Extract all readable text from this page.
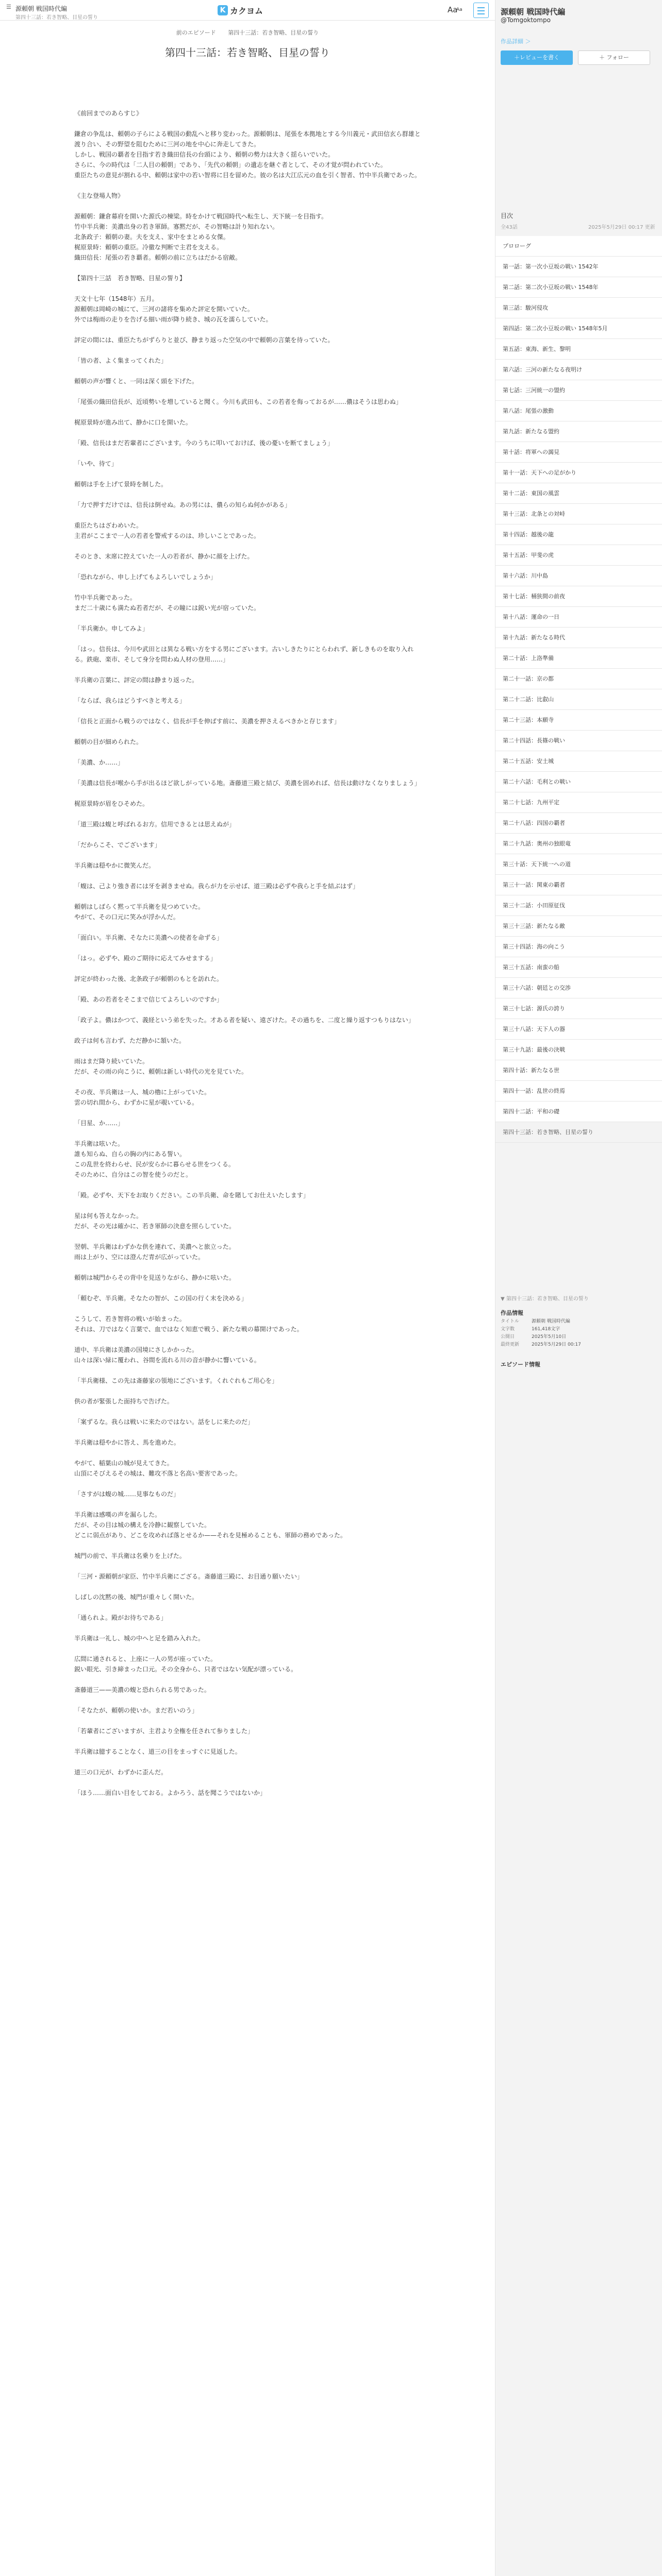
☰ 源頼朝 戦国時代編
第四十三話：若き智略、目星の誓り
K カクヨム	Aa
Aa
前のエピソード 第四十三話：若き智略、目星の誓り
第四十三話：若き智略、目星の誓り

《前回までのあらすじ》

鎌倉の争乱は、頼朝の子らによる戦国の動乱へと移り変わった。源頼朝は、尾張を本拠地とする今川義元・武田信玄ら群雄と渡り合い、その野望を阻むために三河の地を中心に奔走してきた。

しかし、戦国の覇者を目指す若き織田信長の台頭により、頼朝の勢力は大きく揺らいでいた。

さらに、今の時代は「二人目の頼朝」であり、「先代の頼朝」の遺志を継ぐ者として、その才覚が問われていた。

重臣たちの意見が割れる中、頼朝は家中の若い智将に目を留めた。彼の名は大江広元の血を引く智者、竹中半兵衛であった。

《主な登場人物》

源頼朝：鎌倉幕府を開いた源氏の棟梁。時をかけて戦国時代へ転生し、天下統一を目指す。

竹中半兵衛：美濃出身の若き軍師。寡黙だが、その智略は計り知れない。

北条政子：頼朝の妻。夫を支え、家中をまとめる女傑。

梶原景時：頼朝の重臣。冷徹な判断で主君を支える。

織田信長：尾張の若き覇者。頼朝の前に立ちはだかる宿敵。

【第四十三話　若き智略、目星の誓り】

天文十七年（1548年）五月。

源頼朝は岡崎の城にて、三河の諸将を集めた評定を開いていた。

外では梅雨の走りを告げる細い雨が降り続き、城の瓦を濡らしていた。

評定の間には、重臣たちがずらりと並び、静まり返った空気の中で頼朝の言葉を待っていた。

「皆の者、よく集まってくれた」

頼朝の声が響くと、一同は深く頭を下げた。

「尾張の織田信長が、近頃勢いを増していると聞く。今川も武田も、この若者を侮っておるが……儂はそうは思わぬ」

梶原景時が進み出て、静かに口を開いた。

「殿、信長はまだ若輩者にございます。今のうちに叩いておけば、後の憂いを断てましょう」

「いや、待て」

頼朝は手を上げて景時を制した。

「力で押すだけでは、信長は倒せぬ。あの男には、儂らの知らぬ何かがある」

重臣たちはざわめいた。

主君がここまで一人の若者を警戒するのは、珍しいことであった。

そのとき、末席に控えていた一人の若者が、静かに顔を上げた。

「恐れながら、申し上げてもよろしいでしょうか」

竹中半兵衛であった。

まだ二十歳にも満たぬ若者だが、その瞳には鋭い光が宿っていた。

「半兵衛か。申してみよ」

「はっ。信長は、今川や武田とは異なる戦い方をする男にございます。古いしきたりにとらわれず、新しきものを取り入れる。鉄砲、楽市、そして身分を問わぬ人材の登用……」

半兵衛の言葉に、評定の間は静まり返った。

「ならば、我らはどうすべきと考える」

「信長と正面から戦うのではなく、信長が手を伸ばす前に、美濃を押さえるべきかと存じます」

頼朝の目が細められた。

「美濃、か……」

「美濃は信長が喉から手が出るほど欲しがっている地。斎藤道三殿と結び、美濃を固めれば、信長は動けなくなりましょう」

梶原景時が眉をひそめた。

「道三殿は蝮と呼ばれるお方。信用できるとは思えぬが」

「だからこそ、でございます」

半兵衛は穏やかに微笑んだ。

「蝮は、己より強き者には牙を剥きませぬ。我らが力を示せば、道三殿は必ずや我らと手を結ぶはず」

頼朝はしばらく黙って半兵衛を見つめていた。

やがて、その口元に笑みが浮かんだ。

「面白い。半兵衛、そなたに美濃への使者を命ずる」

「はっ。必ずや、殿のご期待に応えてみせまする」

評定が終わった後、北条政子が頼朝のもとを訪れた。

「殿、あの若者をそこまで信じてよろしいのですか」

「政子よ。儂はかつて、義経という弟を失った。才ある者を疑い、遠ざけた。その過ちを、二度と繰り返すつもりはない」

政子は何も言わず、ただ静かに頷いた。

雨はまだ降り続いていた。

だが、その雨の向こうに、頼朝は新しい時代の光を見ていた。

その夜、半兵衛は一人、城の櫓に上がっていた。

雲の切れ間から、わずかに星が覗いている。

「目星、か……」

半兵衛は呟いた。

誰も知らぬ、自らの胸の内にある誓い。

この乱世を終わらせ、民が安らかに暮らせる世をつくる。

そのために、自分はこの智を使うのだと。

「殿。必ずや、天下をお取りください。この半兵衛、命を賭してお仕えいたします」

星は何も答えなかった。

だが、その光は確かに、若き軍師の決意を照らしていた。

翌朝、半兵衛はわずかな供を連れて、美濃へと旅立った。

雨は上がり、空には澄んだ青が広がっていた。

頼朝は城門からその背中を見送りながら、静かに呟いた。

「頼むぞ、半兵衛。そなたの智が、この国の行く末を決める」

こうして、若き智将の戦いが始まった。

それは、刀ではなく言葉で、血ではなく知恵で戦う、新たな戦の幕開けであった。

道中、半兵衛は美濃の国境にさしかかった。

山々は深い緑に覆われ、谷間を流れる川の音が静かに響いている。

「半兵衛様、この先は斎藤家の領地にございます。くれぐれもご用心を」

供の者が緊張した面持ちで告げた。

「案ずるな。我らは戦いに来たのではない。話をしに来たのだ」

半兵衛は穏やかに答え、馬を進めた。

やがて、稲葉山の城が見えてきた。

山頂にそびえるその城は、難攻不落と名高い要害であった。

「さすがは蝮の城……見事なものだ」

半兵衛は感嘆の声を漏らした。

だが、その目は城の構えを冷静に観察していた。

どこに弱点があり、どこを攻めれば落とせるか——それを見極めることも、軍師の務めであった。

城門の前で、半兵衛は名乗りを上げた。

「三河・源頼朝が家臣、竹中半兵衛にござる。斎藤道三殿に、お目通り願いたい」

しばしの沈黙の後、城門が重々しく開いた。

「通られよ。殿がお待ちである」

半兵衛は一礼し、城の中へと足を踏み入れた。

広間に通されると、上座に一人の男が座っていた。

鋭い眼光、引き締まった口元。その全身から、只者ではない気配が漂っている。

斎藤道三——美濃の蝮と恐れられる男であった。

「そなたが、頼朝の使いか。まだ若いのう」

「若輩者にございますが、主君より全権を任されて参りました」

半兵衛は臆することなく、道三の目をまっすぐに見返した。

道三の口元が、わずかに歪んだ。

「ほう……面白い目をしておる。よかろう、話を聞こうではないか」

源頼朝 戦国時代編
@Tomgoktompo
作品詳細 ＞
＋レビューを書く	＋ フォロー
目次
全43話	2025年5月29日 00:17 更新
プロローグ
第一話：第一次小豆坂の戦い 1542年
第二話：第二次小豆坂の戦い 1548年
第三話：駿河侵攻
第四話：第二次小豆坂の戦い 1548年5月
第五話：東海、新生、黎明
第六話：三河の新たなる夜明け
第七話：三河統一の盟約
第八話：尾張の激動
第九話：新たなる盟約
第十話：将軍への謁見
第十一話：天下への足がかり
第十二話：東国の風雲
第十三話：北条との対峙
第十四話：越後の龍
第十五話：甲斐の虎
第十六話：川中島
第十七話：桶狭間の前夜
第十八話：運命の一日
第十九話：新たなる時代
第二十話：上洛準備
第二十一話：京の都
第二十二話：比叡山
第二十三話：本願寺
第二十四話：長篠の戦い
第二十五話：安土城
第二十六話：毛利との戦い
第二十七話：九州平定
第二十八話：四国の覇者
第二十九話：奥州の独眼竜
第三十話：天下統一への道
第三十一話：関東の覇者
第三十二話：小田原征伐
第三十三話：新たなる敵
第三十四話：海の向こう
第三十五話：南蛮の船
第三十六話：朝廷との交渉
第三十七話：源氏の誇り
第三十八話：天下人の器
第三十九話：最後の決戦
第四十話：新たなる世
第四十一話：乱世の終焉
第四十二話：平和の礎
第四十三話：若き智略、目星の誓り
▼ 第四十三話：若き智略、目星の誓り
作品情報
タイトル	源頼朝 戦国時代編
文字数	161,418文字
公開日	2025年5月10日
最終更新	2025年5月29日 00:17
エピソード情報
